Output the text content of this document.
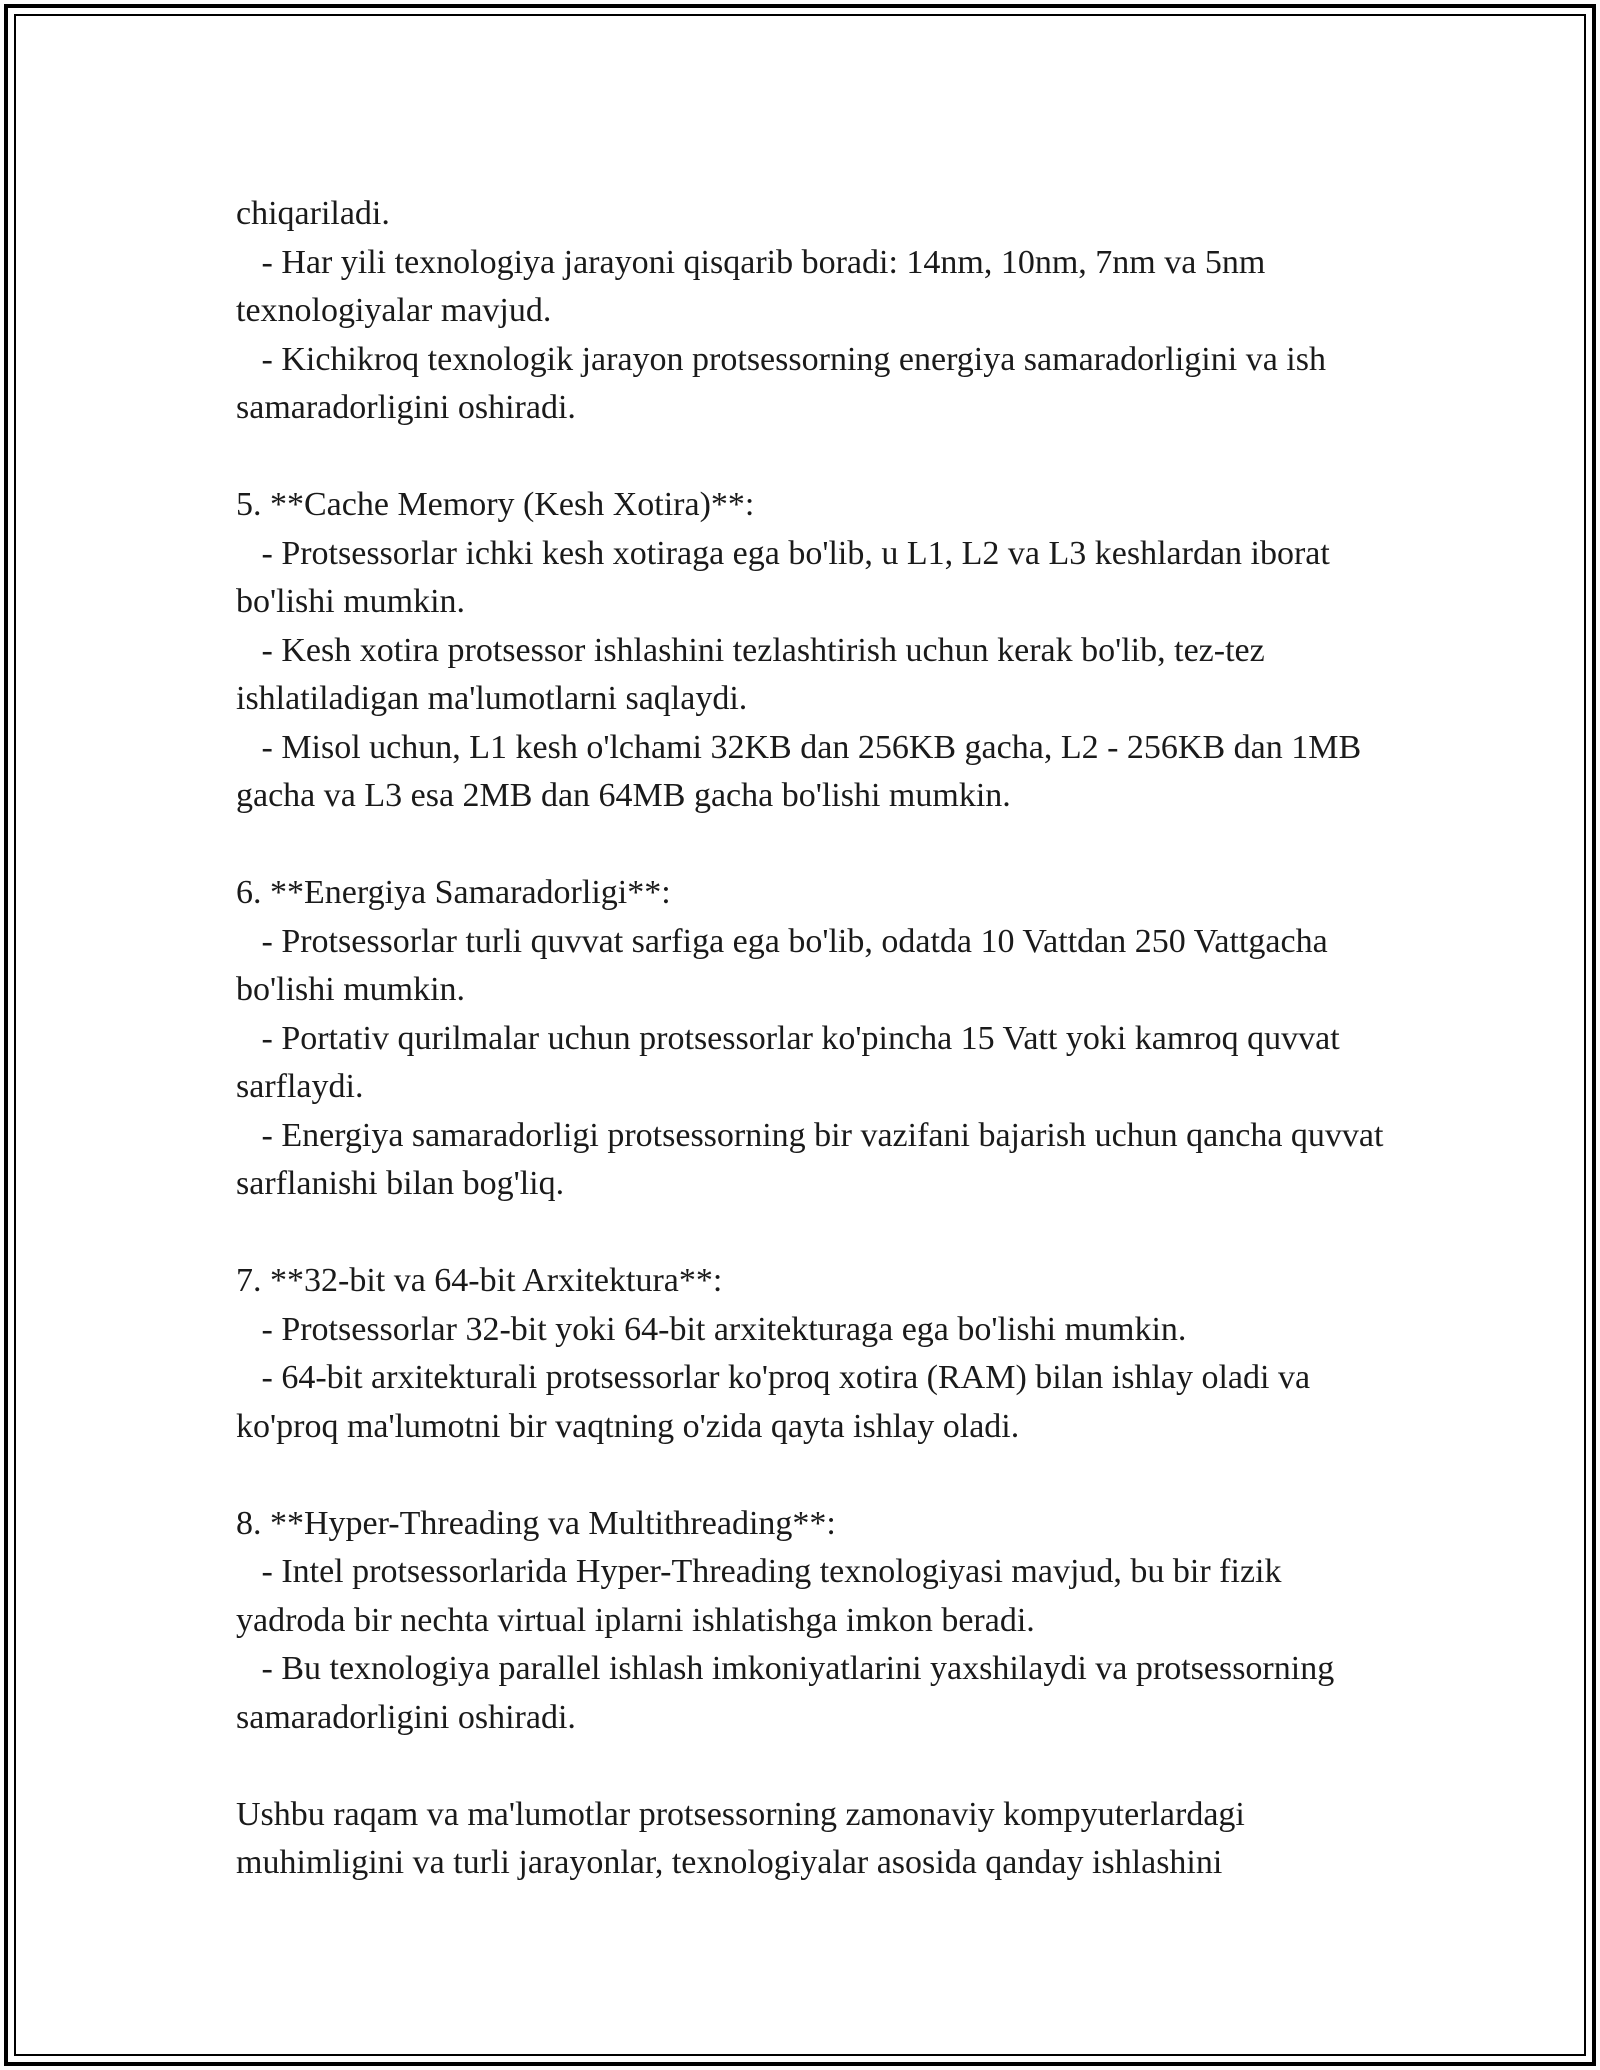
chiqariladi.

- Har yili texnologiya jarayoni qisqarib boradi: 14nm, 10nm, 7nm va 5nm texnologiyalar mavjud.

- Kichikroq texnologik jarayon protsessorning energiya samaradorligini va ish samaradorligini oshiradi.

5. **Cache Memory (Kesh Xotira)**:

- Protsessorlar ichki kesh xotiraga ega bo'lib, u L1, L2 va L3 keshlardan iborat bo'lishi mumkin.

- Kesh xotira protsessor ishlashini tezlashtirish uchun kerak bo'lib, tez-tez ishlatiladigan ma'lumotlarni saqlaydi.

- Misol uchun, L1 kesh o'lchami 32KB dan 256KB gacha, L2 - 256KB dan 1MB gacha va L3 esa 2MB dan 64MB gacha bo'lishi mumkin.

6. **Energiya Samaradorligi**:

- Protsessorlar turli quvvat sarfiga ega bo'lib, odatda 10 Vattdan 250 Vattgacha bo'lishi mumkin.

- Portativ qurilmalar uchun protsessorlar ko'pincha 15 Vatt yoki kamroq quvvat sarflaydi.

- Energiya samaradorligi protsessorning bir vazifani bajarish uchun qancha quvvat sarflanishi bilan bog'liq.

7. **32-bit va 64-bit Arxitektura**:

- Protsessorlar 32-bit yoki 64-bit arxitekturaga ega bo'lishi mumkin.

- 64-bit arxitekturali protsessorlar ko'proq xotira (RAM) bilan ishlay oladi va ko'proq ma'lumotni bir vaqtning o'zida qayta ishlay oladi.

8. **Hyper-Threading va Multithreading**:

- Intel protsessorlarida Hyper-Threading texnologiyasi mavjud, bu bir fizik yadroda bir nechta virtual iplarni ishlatishga imkon beradi.

- Bu texnologiya parallel ishlash imkoniyatlarini yaxshilaydi va protsessorning samaradorligini oshiradi.

Ushbu raqam va ma'lumotlar protsessorning zamonaviy kompyuterlardagi muhimligini va turli jarayonlar, texnologiyalar asosida qanday ishlashini
